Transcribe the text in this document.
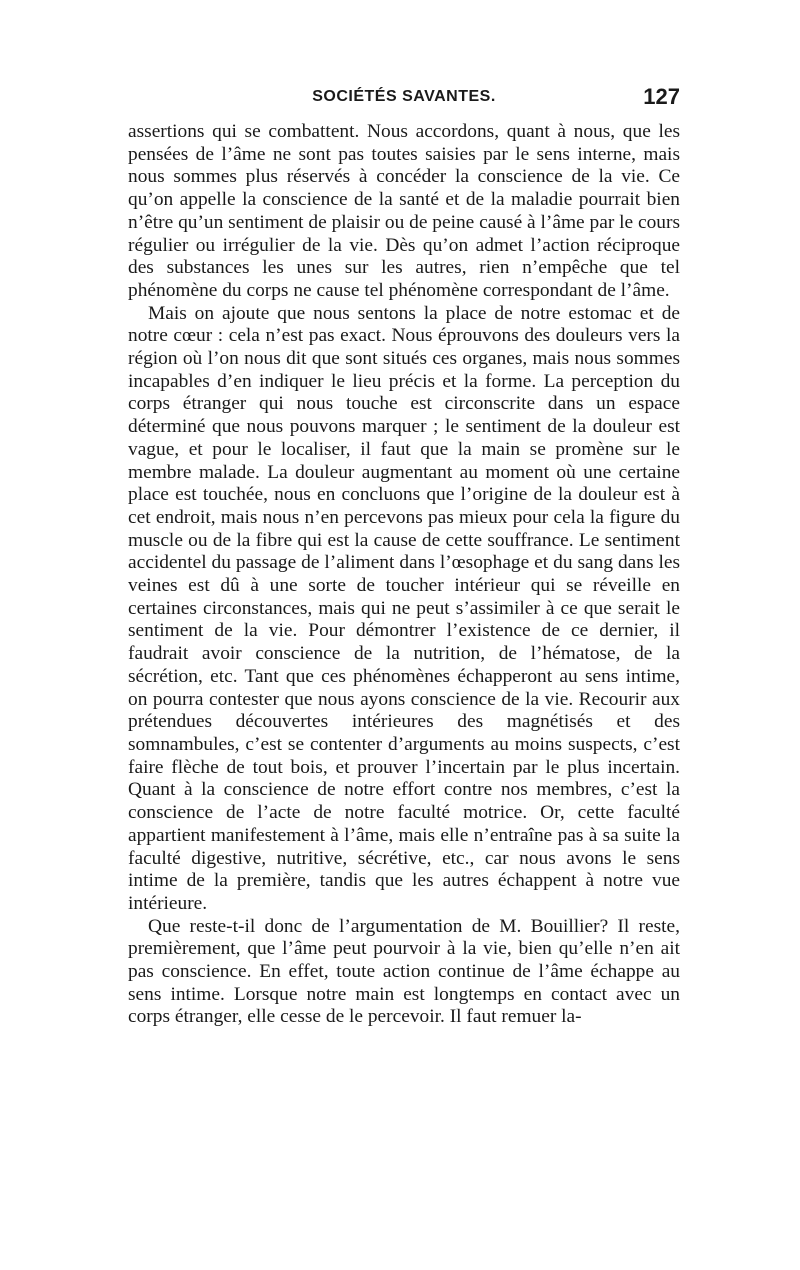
SOCIÉTÉS SAVANTES.	127

assertions qui se combattent. Nous accordons, quant à nous, que les pensées de l’âme ne sont pas toutes saisies par le sens interne, mais nous sommes plus réservés à concéder la conscience de la vie. Ce qu’on appelle la conscience de la santé et de la maladie pourrait bien n’être qu’un sentiment de plaisir ou de peine causé à l’âme par le cours régulier ou irrégulier de la vie. Dès qu’on admet l’action réciproque des substances les unes sur les autres, rien n’empêche que tel phénomène du corps ne cause tel phénomène correspondant de l’âme.

Mais on ajoute que nous sentons la place de notre estomac et de notre cœur : cela n’est pas exact. Nous éprouvons des douleurs vers la région où l’on nous dit que sont situés ces organes, mais nous sommes incapables d’en indiquer le lieu précis et la forme. La perception du corps étranger qui nous touche est circonscrite dans un espace déterminé que nous pouvons marquer ; le sentiment de la douleur est vague, et pour le localiser, il faut que la main se promène sur le membre malade. La douleur augmentant au moment où une certaine place est touchée, nous en concluons que l’origine de la douleur est à cet endroit, mais nous n’en percevons pas mieux pour cela la figure du muscle ou de la fibre qui est la cause de cette souffrance. Le sentiment accidentel du passage de l’aliment dans l’œsophage et du sang dans les veines est dû à une sorte de toucher intérieur qui se réveille en certaines circonstances, mais qui ne peut s’assimiler à ce que serait le sentiment de la vie. Pour démontrer l’existence de ce dernier, il faudrait avoir conscience de la nutrition, de l’hématose, de la sécrétion, etc. Tant que ces phénomènes échapperont au sens intime, on pourra contester que nous ayons conscience de la vie. Recourir aux prétendues découvertes intérieures des magnétisés et des somnambules, c’est se contenter d’arguments au moins suspects, c’est faire flèche de tout bois, et prouver l’incertain par le plus incertain. Quant à la conscience de notre effort contre nos membres, c’est la conscience de l’acte de notre faculté motrice. Or, cette faculté appartient manifestement à l’âme, mais elle n’entraîne pas à sa suite la faculté digestive, nutritive, sécrétive, etc., car nous avons le sens intime de la première, tandis que les autres échappent à notre vue intérieure.

Que reste-t-il donc de l’argumentation de M. Bouillier? Il reste, premièrement, que l’âme peut pourvoir à la vie, bien qu’elle n’en ait pas conscience. En effet, toute action continue de l’âme échappe au sens intime. Lorsque notre main est longtemps en contact avec un corps étranger, elle cesse de le percevoir. Il faut remuer la-
